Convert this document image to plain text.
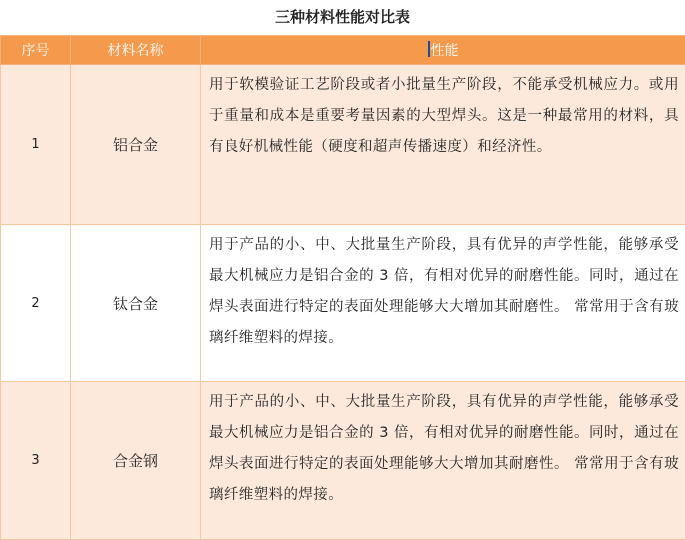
三种材料性能对比表
序号	材料名称	性能
1	铝合金	用于软模验证工艺阶段或者小批量生产阶段，不能承受机械应力。或用于重量和成本是重要考量因素的大型焊头。这是一种最常用的材料，具有良好机械性能（硬度和超声传播速度）和经济性。
2	钛合金	用于产品的小、中、大批量生产阶段，具有优异的声学性能，能够承受最大机械应力是铝合金的 3 倍，有相对优异的耐磨性能。同时，通过在焊头表面进行特定的表面处理能够大大增加其耐磨性。 常常用于含有玻璃纤维塑料的焊接。
3	合金钢	用于产品的小、中、大批量生产阶段，具有优异的声学性能，能够承受最大机械应力是铝合金的 3 倍，有相对优异的耐磨性能。同时，通过在焊头表面进行特定的表面处理能够大大增加其耐磨性。 常常用于含有玻璃纤维塑料的焊接。
